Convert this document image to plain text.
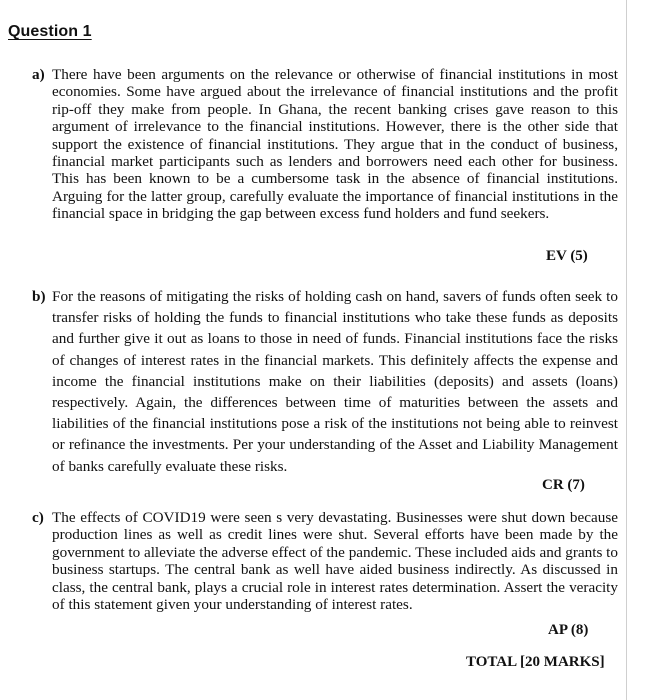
Question 1
a) There have been arguments on the relevance or otherwise of financial institutions in most economies. Some have argued about the irrelevance of financial institutions and the profit rip-off they make from people. In Ghana, the recent banking crises gave reason to this argument of irrelevance to the financial institutions. However, there is the other side that support the existence of financial institutions. They argue that in the conduct of business, financial market participants such as lenders and borrowers need each other for business. This has been known to be a cumbersome task in the absence of financial institutions. Arguing for the latter group, carefully evaluate the importance of financial institutions in the financial space in bridging the gap between excess fund holders and fund seekers.
EV (5)
b) For the reasons of mitigating the risks of holding cash on hand, savers of funds often seek to transfer risks of holding the funds to financial institutions who take these funds as deposits and further give it out as loans to those in need of funds. Financial institutions face the risks of changes of interest rates in the financial markets. This definitely affects the expense and income the financial institutions make on their liabilities (deposits) and assets (loans) respectively. Again, the differences between time of maturities between the assets and liabilities of the financial institutions pose a risk of the institutions not being able to reinvest or refinance the investments. Per your understanding of the Asset and Liability Management of banks carefully evaluate these risks.
CR (7)
c) The effects of COVID19 were seen s very devastating. Businesses were shut down because production lines as well as credit lines were shut. Several efforts have been made by the government to alleviate the adverse effect of the pandemic. These included aids and grants to business startups. The central bank as well have aided business indirectly. As discussed in class, the central bank, plays a crucial role in interest rates determination. Assert the veracity of this statement given your understanding of interest rates.
AP (8)
TOTAL [20 MARKS]
